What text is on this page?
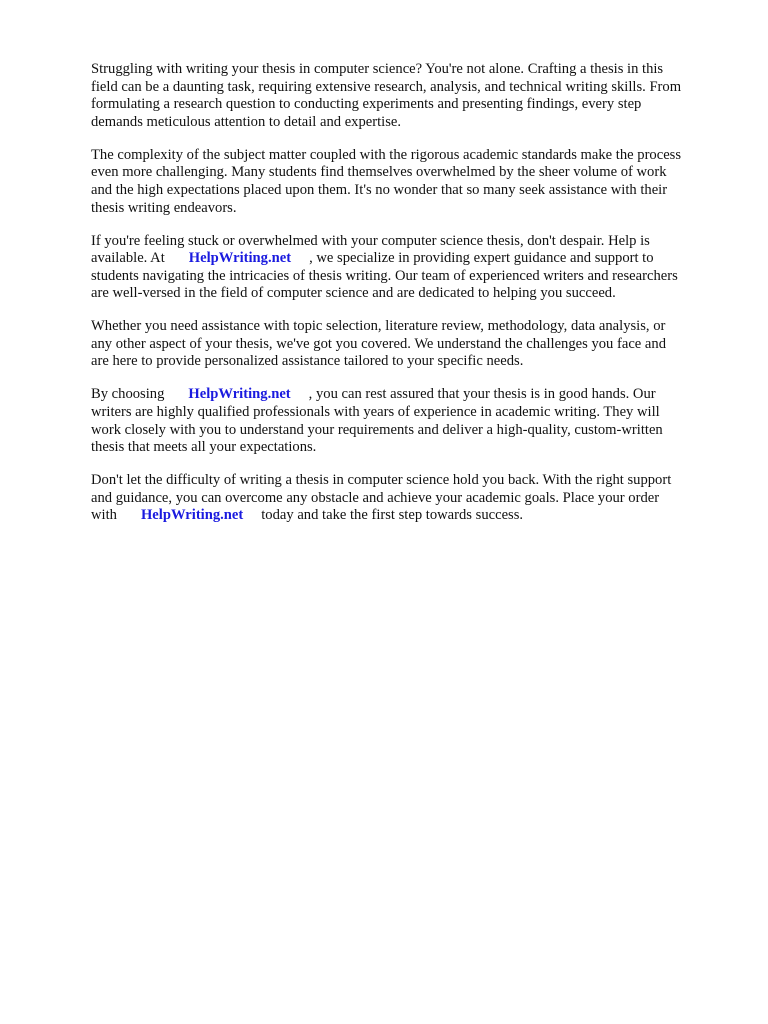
Struggling with writing your thesis in computer science? You're not alone. Crafting a thesis in this
field can be a daunting task, requiring extensive research, analysis, and technical writing skills. From
formulating a research question to conducting experiments and presenting findings, every step
demands meticulous attention to detail and expertise.

The complexity of the subject matter coupled with the rigorous academic standards make the process
even more challenging. Many students find themselves overwhelmed by the sheer volume of work
and the high expectations placed upon them. It's no wonder that so many seek assistance with their
thesis writing endeavors.

If you're feeling stuck or overwhelmed with your computer science thesis, don't despair. Help is
available. At HelpWriting.net , we specialize in providing expert guidance and support to
students navigating the intricacies of thesis writing. Our team of experienced writers and researchers
are well-versed in the field of computer science and are dedicated to helping you succeed.

Whether you need assistance with topic selection, literature review, methodology, data analysis, or
any other aspect of your thesis, we've got you covered. We understand the challenges you face and
are here to provide personalized assistance tailored to your specific needs.

By choosing HelpWriting.net , you can rest assured that your thesis is in good hands. Our
writers are highly qualified professionals with years of experience in academic writing. They will
work closely with you to understand your requirements and deliver a high-quality, custom-written
thesis that meets all your expectations.

Don't let the difficulty of writing a thesis in computer science hold you back. With the right support
and guidance, you can overcome any obstacle and achieve your academic goals. Place your order
with HelpWriting.net today and take the first step towards success.
